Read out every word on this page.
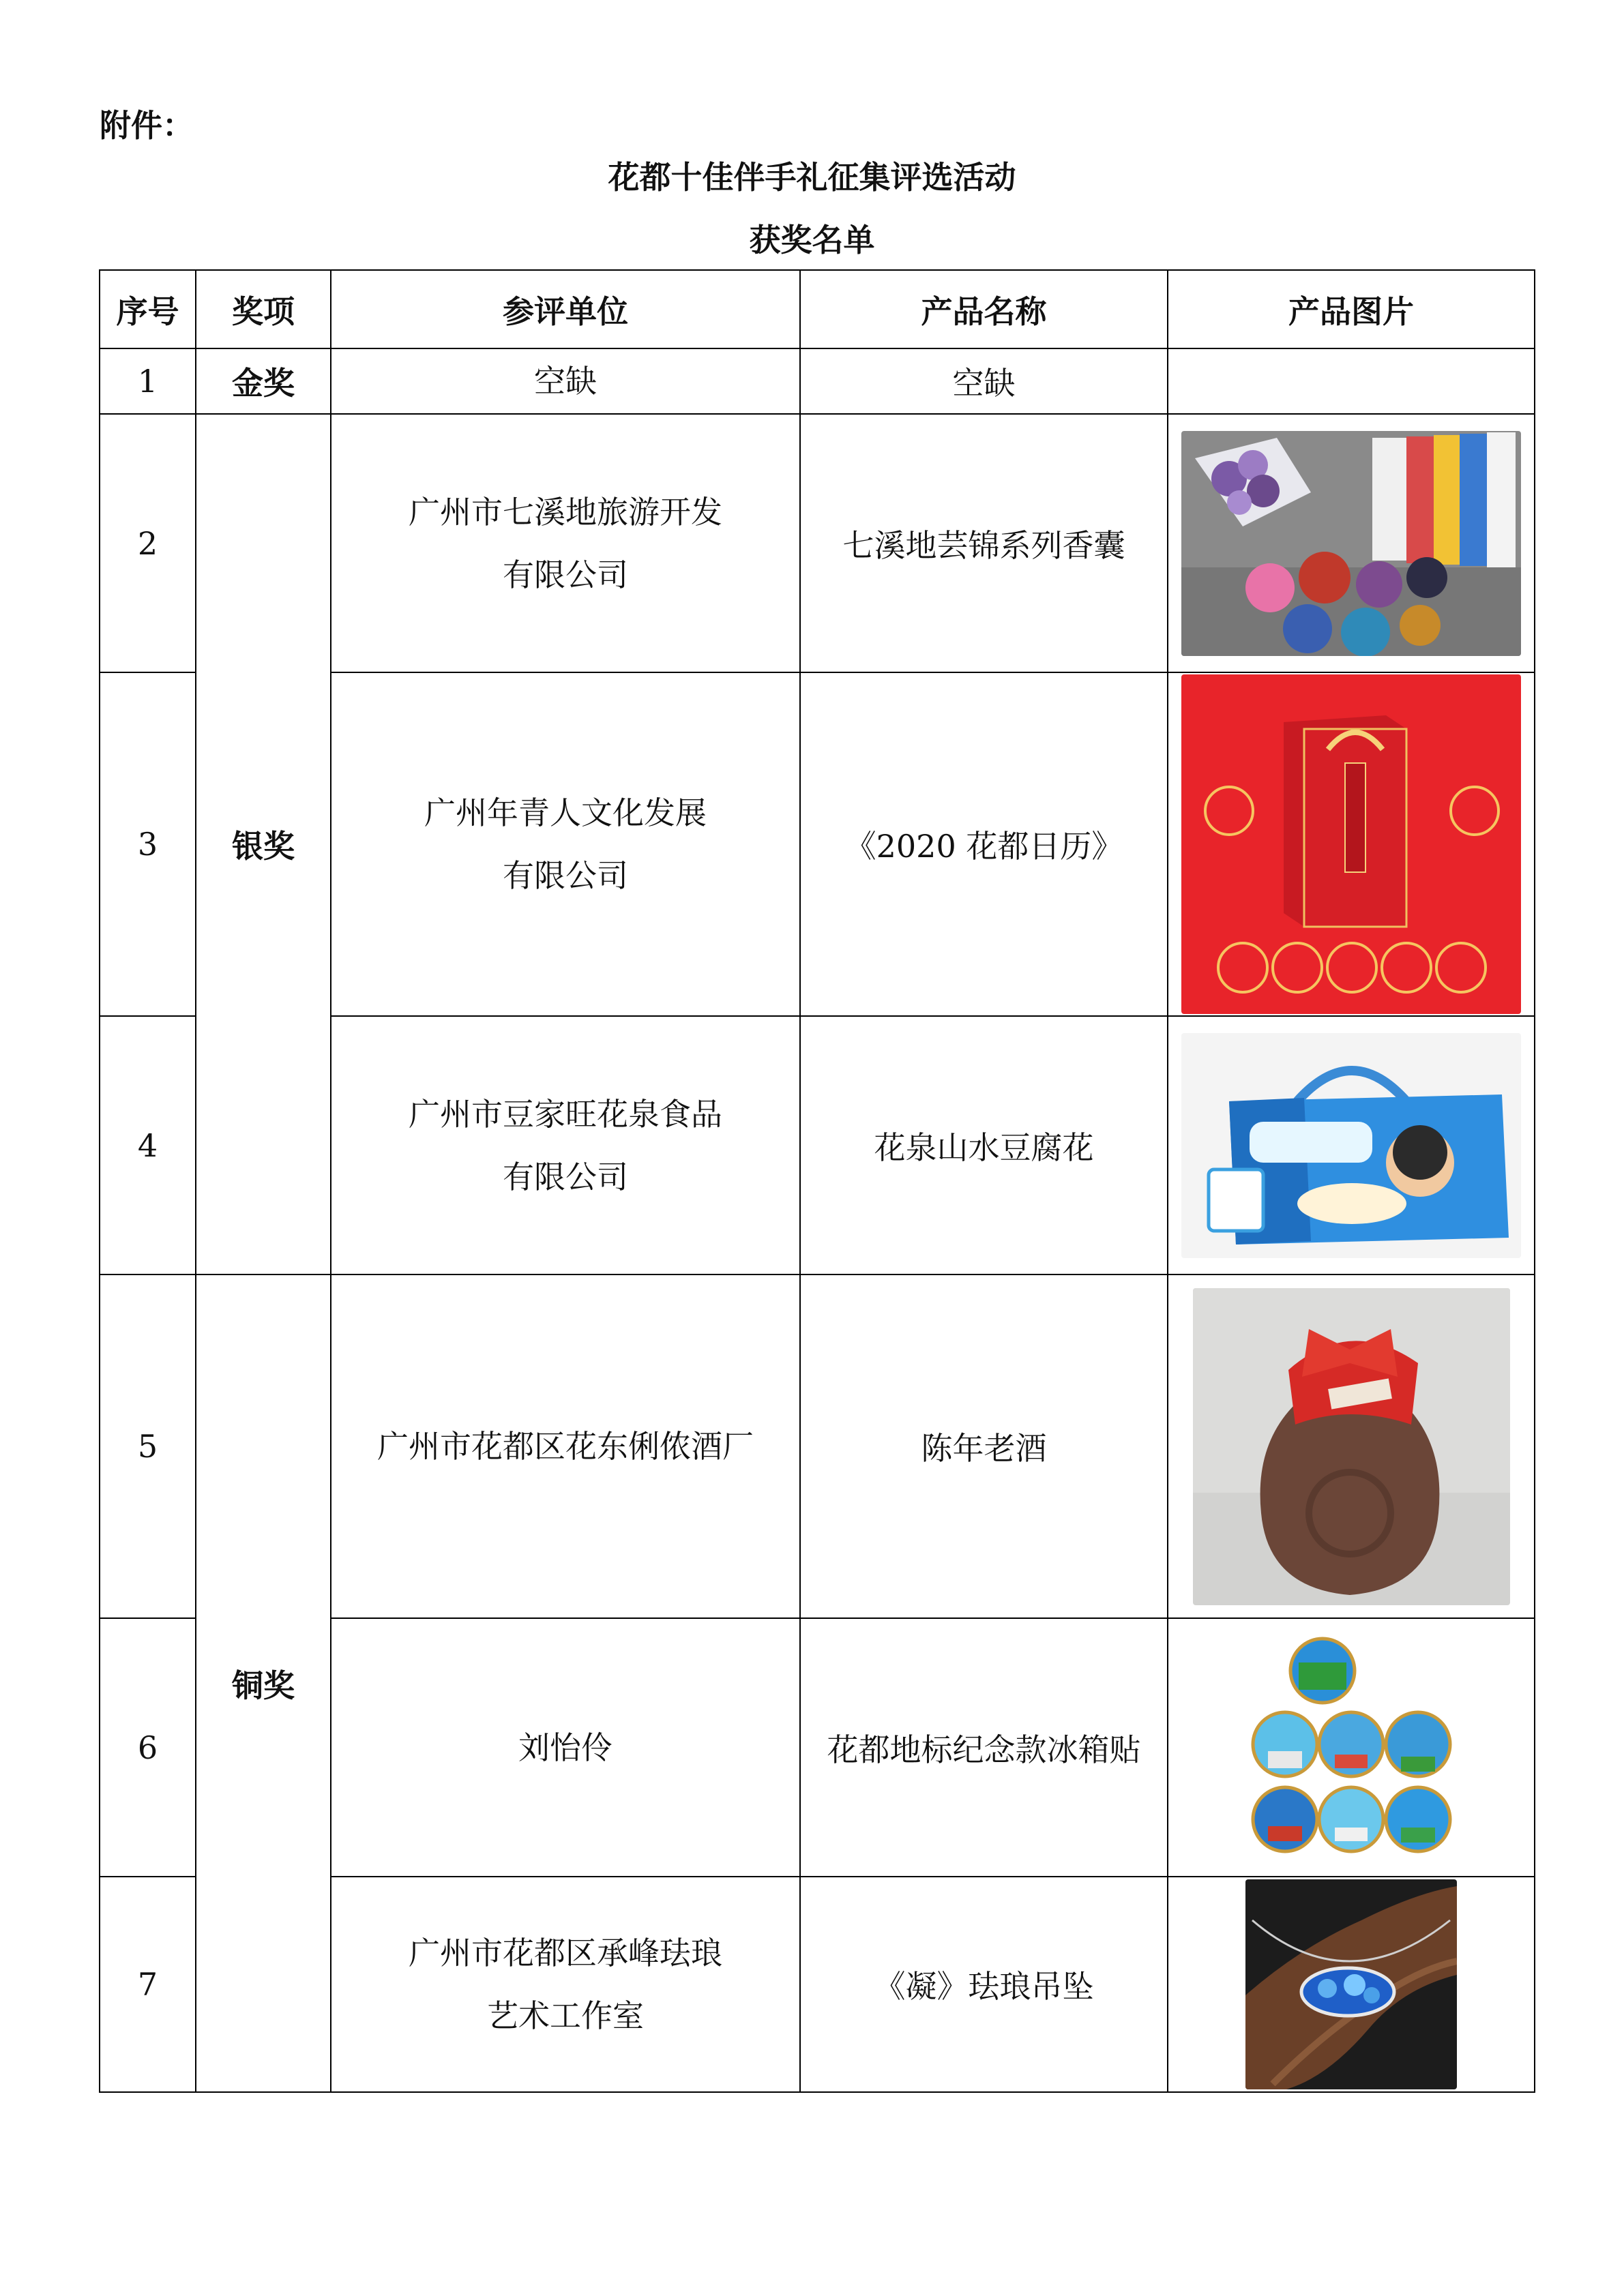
附件：
花都十佳伴手礼征集评选活动
获奖名单
序号	奖项	参评单位	产品名称	产品图片
1	金奖	空缺	空缺	
2	银奖	广州市七溪地旅游开发
有限公司	七溪地芸锦系列香囊	

3		广州年青人文化发展
有限公司	《2020 花都日历》	

4		广州市豆家旺花泉食品
有限公司	花泉山水豆腐花	

5	铜奖	广州市花都区花东俐侬酒厂	陈年老酒	

6		刘怡伶	花都地标纪念款冰箱贴	

7		广州市花都区承峰珐琅
艺术工作室	《凝》珐琅吊坠	
